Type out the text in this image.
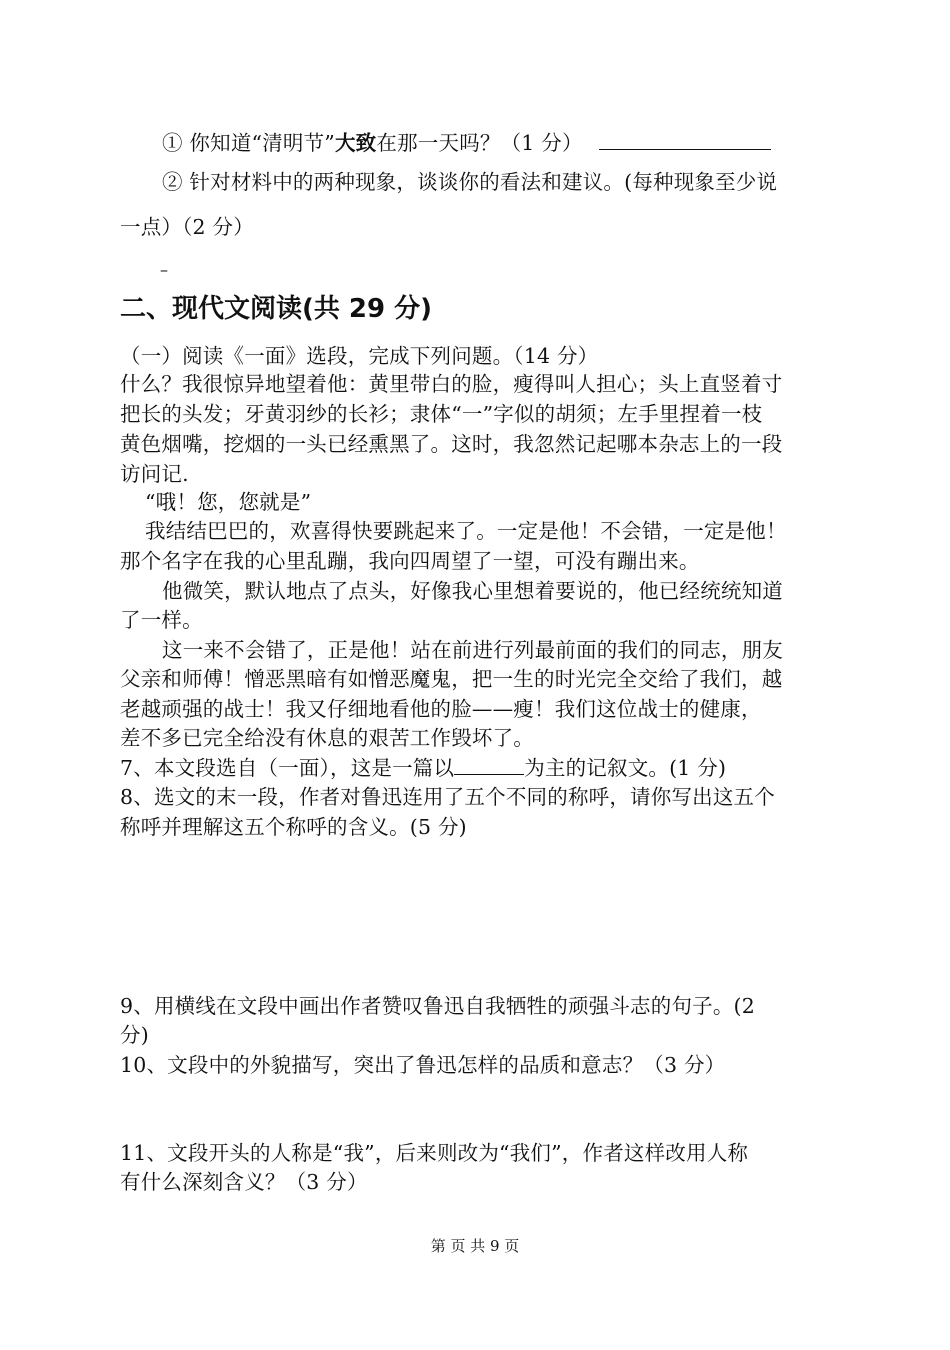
① 你知道“清明节”大致在那一天吗？（1 分）
② 针对材料中的两种现象，谈谈你的看法和建议。(每种现象至少说
一点）（2 分）
–
二、现代文阅读(共 29 分)
（一）阅读《一面》选段，完成下列问题。（14 分）
什么？我很惊异地望着他：黄里带白的脸，瘦得叫人担心；头上直竖着寸
把长的头发；牙黄羽纱的长衫；隶体“一”字似的胡须；左手里捏着一枝
黄色烟嘴，挖烟的一头已经熏黑了。这时，我忽然记起哪本杂志上的一段
访问记.
“哦！您，您就是”
我结结巴巴的，欢喜得快要跳起来了。一定是他！不会错，一定是他！
那个名字在我的心里乱蹦，我向四周望了一望，可没有蹦出来。
他微笑，默认地点了点头，好像我心里想着要说的，他已经统统知道
了一样。
这一来不会错了，正是他！站在前进行列最前面的我们的同志，朋友
父亲和师傅！憎恶黑暗有如憎恶魔鬼，把一生的时光完全交给了我们，越
老越顽强的战士！我又仔细地看他的脸——瘦！我们这位战士的健康，
差不多已完全给没有休息的艰苦工作毁坏了。
7、本文段选自（一面），这是一篇以	为主的记叙文。(1 分)
8、选文的末一段，作者对鲁迅连用了五个不同的称呼，请你写出这五个
称呼并理解这五个称呼的含义。(5 分)
9、用横线在文段中画出作者赞叹鲁迅自我牺牲的顽强斗志的句子。(2
分)
10、文段中的外貌描写，突出了鲁迅怎样的品质和意志？（3 分）
11、文段开头的人称是“我”，后来则改为“我们”，作者这样改用人称
有什么深刻含义？（3 分）
第 页 共 9 页
